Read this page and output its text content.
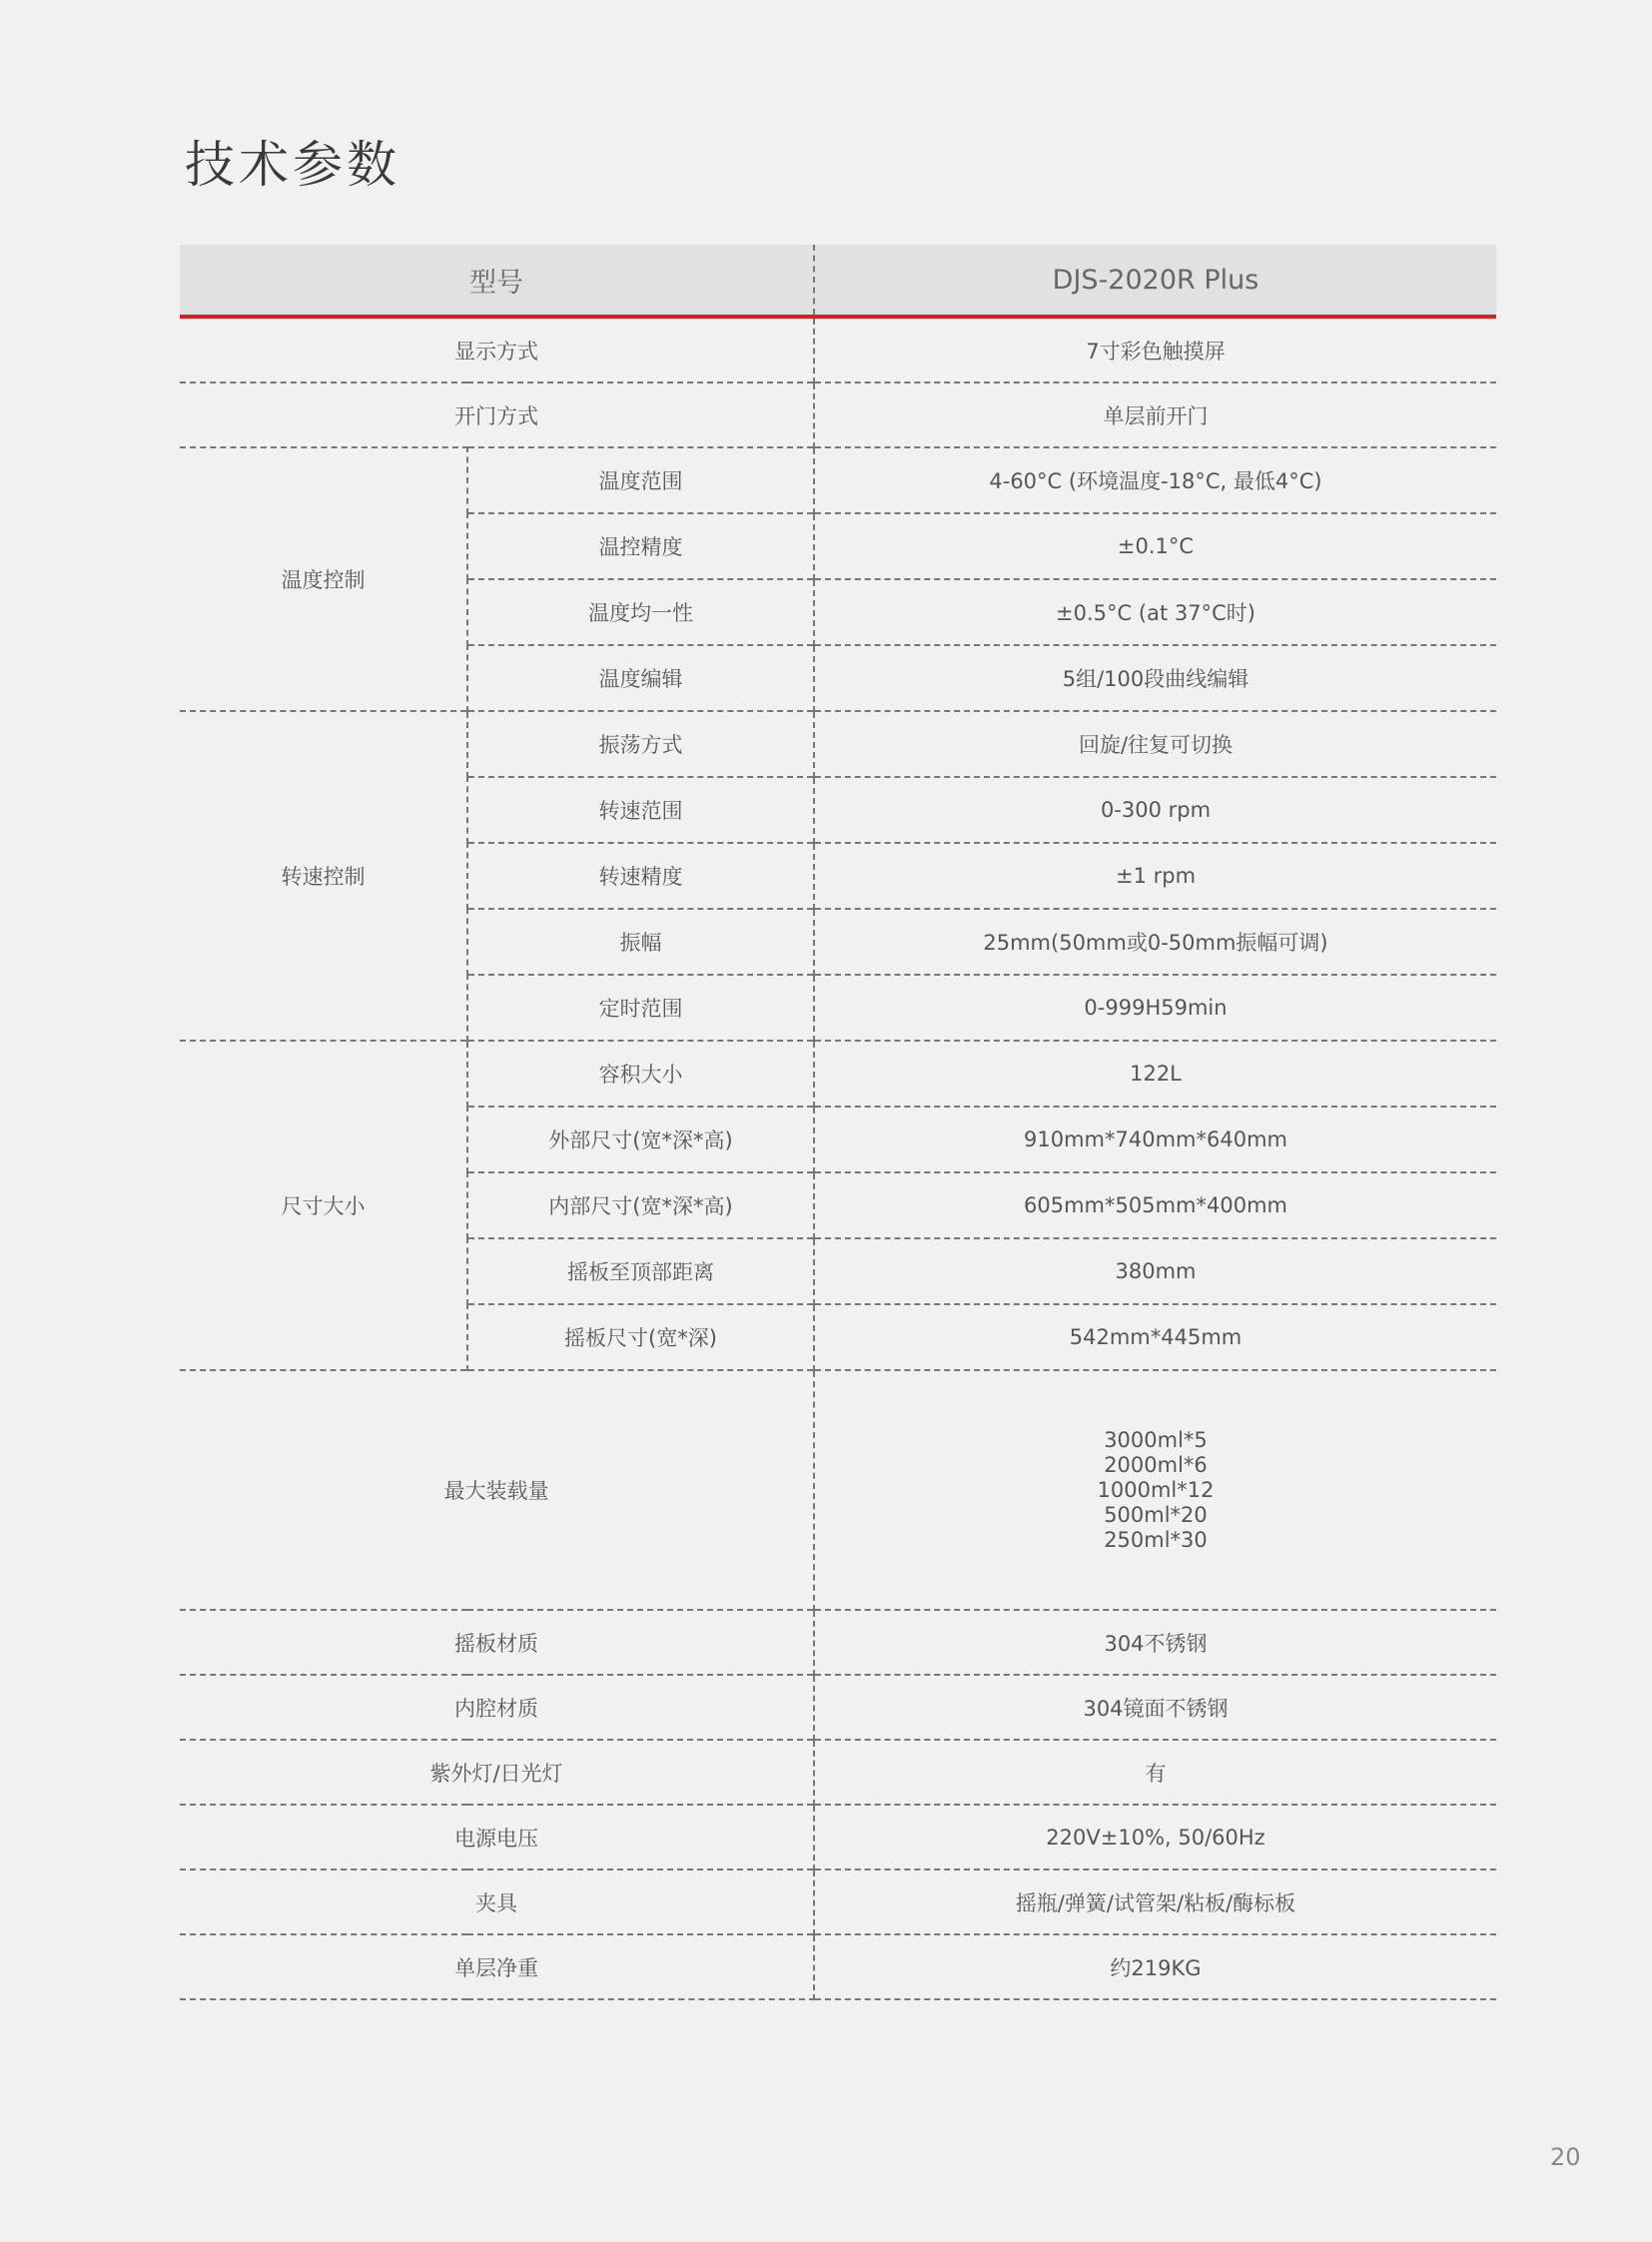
技术参数
型号		DJS-2020R Plus
显示方式		7寸彩色触摸屏
开门方式		单层前开门
温度控制	温度范围	4-60°C (环境温度-18°C, 最低4°C)
	温控精度	±0.1°C
	温度均一性	±0.5°C (at 37°C时)
	温度编辑	5组/100段曲线编辑
转速控制	振荡方式	回旋/往复可切换
	转速范围	0-300 rpm
	转速精度	±1 rpm
	振幅	25mm(50mm或0-50mm振幅可调)
	定时范围	0-999H59min
尺寸大小	容积大小	122L
	外部尺寸(宽*深*高)	910mm*740mm*640mm
	内部尺寸(宽*深*高)	605mm*505mm*400mm
	摇板至顶部距离	380mm
	摇板尺寸(宽*深)	542mm*445mm
最大装载量		3000ml*5
2000ml*6
1000ml*12
500ml*20
250ml*30

摇板材质		304不锈钢
内腔材质		304镜面不锈钢
紫外灯/日光灯		有
电源电压		220V±10%, 50/60Hz
夹具		摇瓶/弹簧/试管架/粘板/酶标板
单层净重		约219KG
20
